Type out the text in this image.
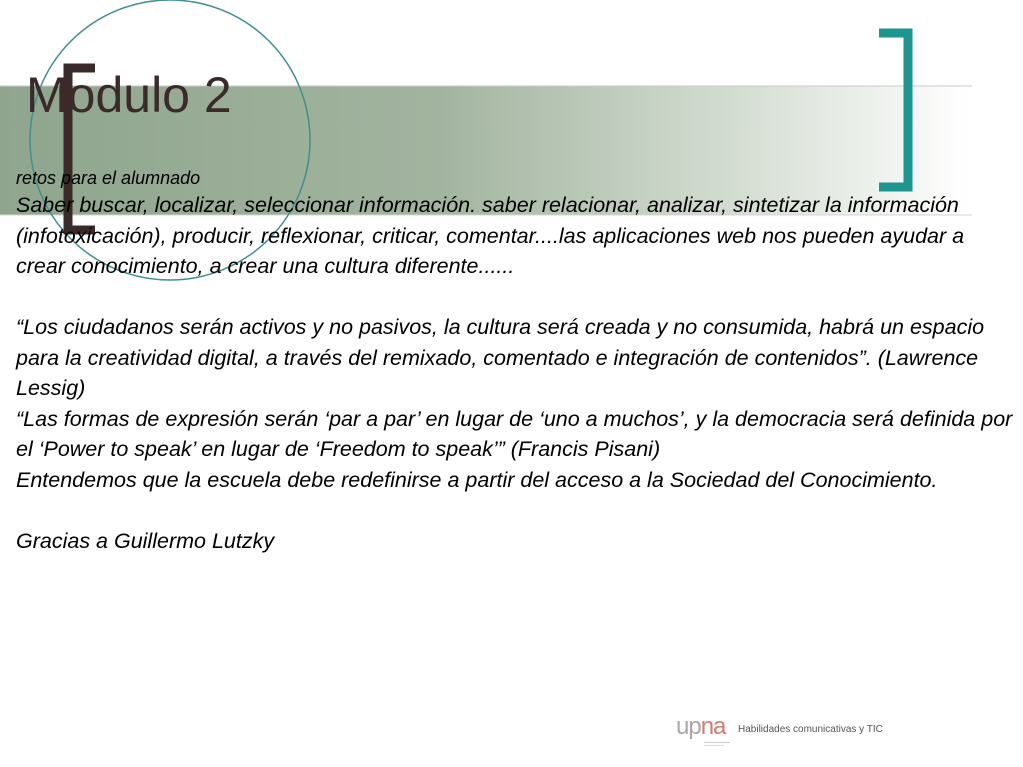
Modulo 2

retos para el alumnado

Saber buscar, localizar, seleccionar información. saber relacionar, analizar, sintetizar la información (infotoxicación), producir, reflexionar, criticar, comentar....las aplicaciones web nos pueden ayudar a crear conocimiento, a crear una cultura diferente......

“Los ciudadanos serán activos y no pasivos, la cultura será creada y no consumida, habrá un espacio para la creatividad digital, a través del remixado, comentado e integración de contenidos”. (Lawrence Lessig)

“Las formas de expresión serán ‘par a par’ en lugar de ‘uno a muchos’, y la democracia será definida por el ‘Power to speak’ en lugar de ‘Freedom to speak’” (Francis Pisani)

Entendemos que la escuela debe redefinirse a partir del acceso a la Sociedad del Conocimiento.

Gracias a Guillermo Lutzky

upna Habilidades comunicativas y TIC
